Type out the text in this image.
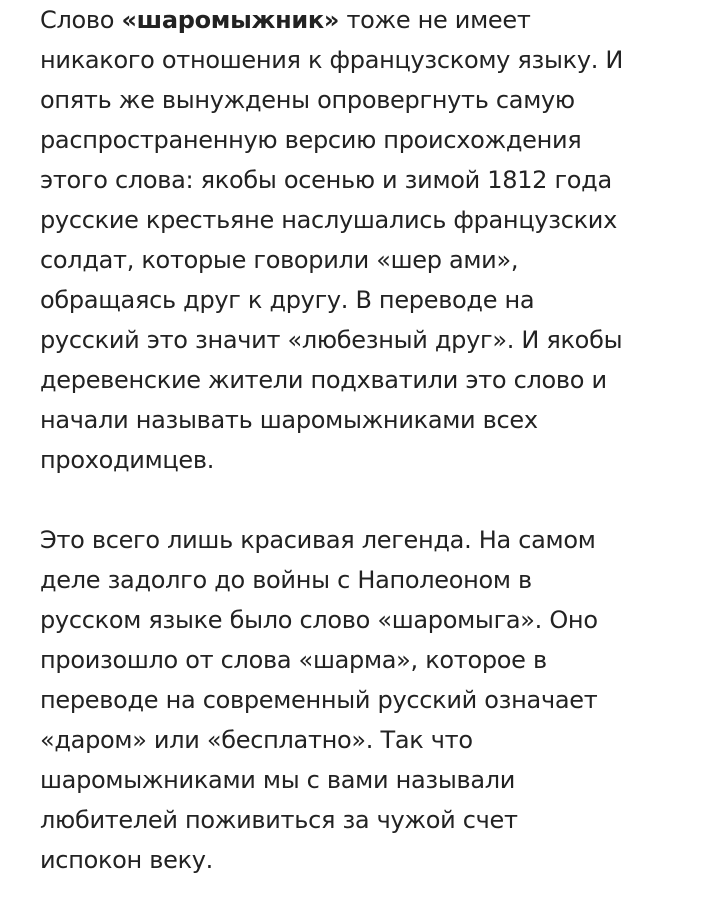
Слово «шаромыжник» тоже не имеет
никакого отношения к французскому языку. И
опять же вынуждены опровергнуть самую
распространенную версию происхождения
этого слова: якобы осенью и зимой 1812 года
русские крестьяне наслушались французских
солдат, которые говорили «шер ами»,
обращаясь друг к другу. В переводе на
русский это значит «любезный друг». И якобы
деревенские жители подхватили это слово и
начали называть шаромыжниками всех
проходимцев.
Это всего лишь красивая легенда. На самом
деле задолго до войны с Наполеоном в
русском языке было слово «шаромыга». Оно
произошло от слова «шарма», которое в
переводе на современный русский означает
«даром» или «бесплатно». Так что
шаромыжниками мы с вами называли
любителей поживиться за чужой счет
испокон веку.
